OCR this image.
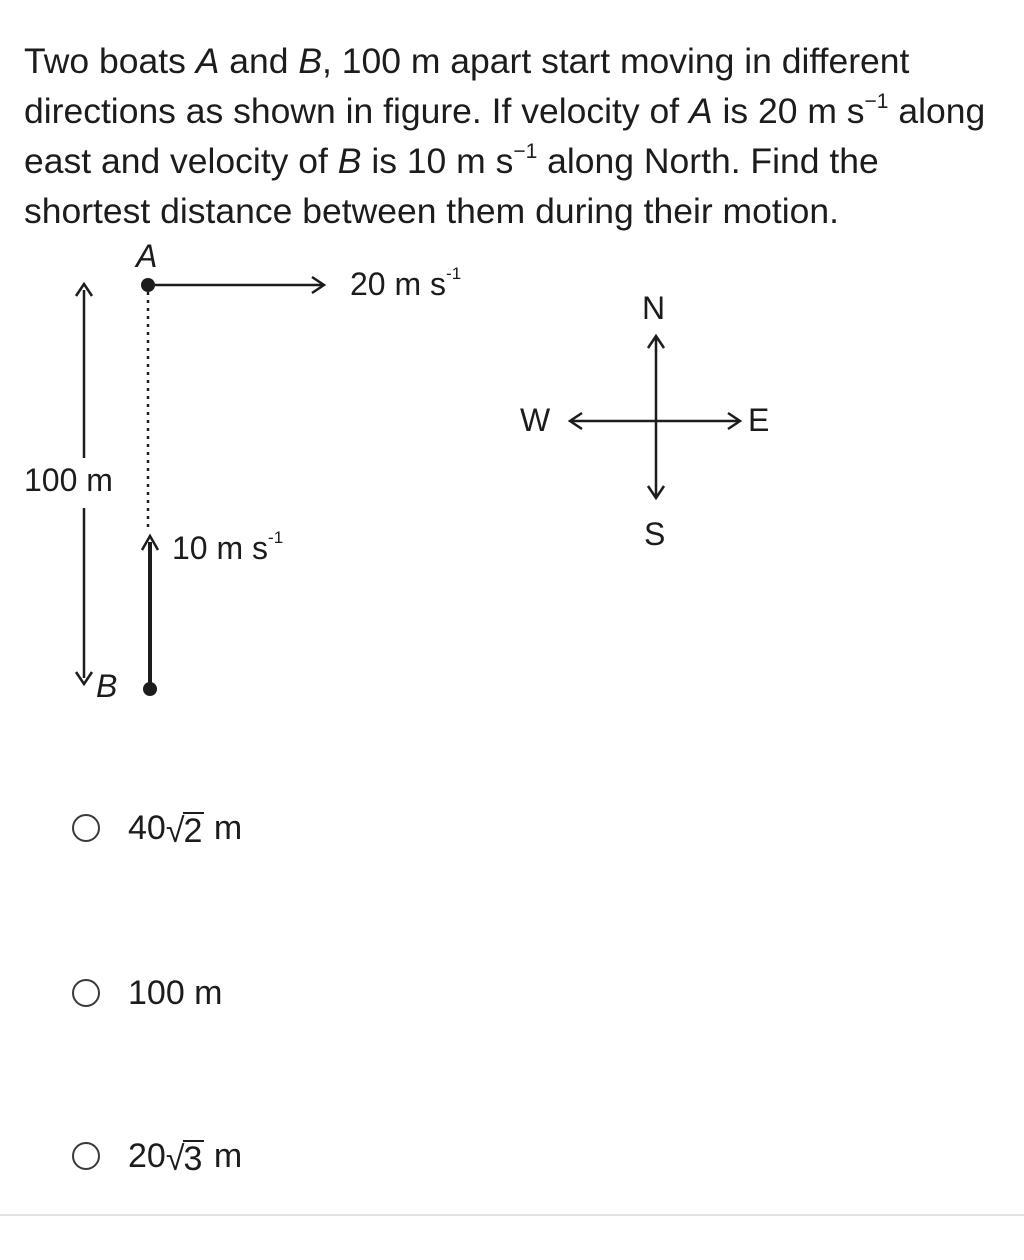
Two boats A and B, 100 m apart start moving in different directions as shown in figure. If velocity of A is 20 m $s^{-1}$ along east and velocity of B is 10 m $s^{-1}$ along North. Find the shortest distance between them during their motion.
A
B
100 m
20 m $s^{-1}$
10 m $s^{-1}$
N
S
E
W
40 √ 2 m
100 m
20 √ 3 m
